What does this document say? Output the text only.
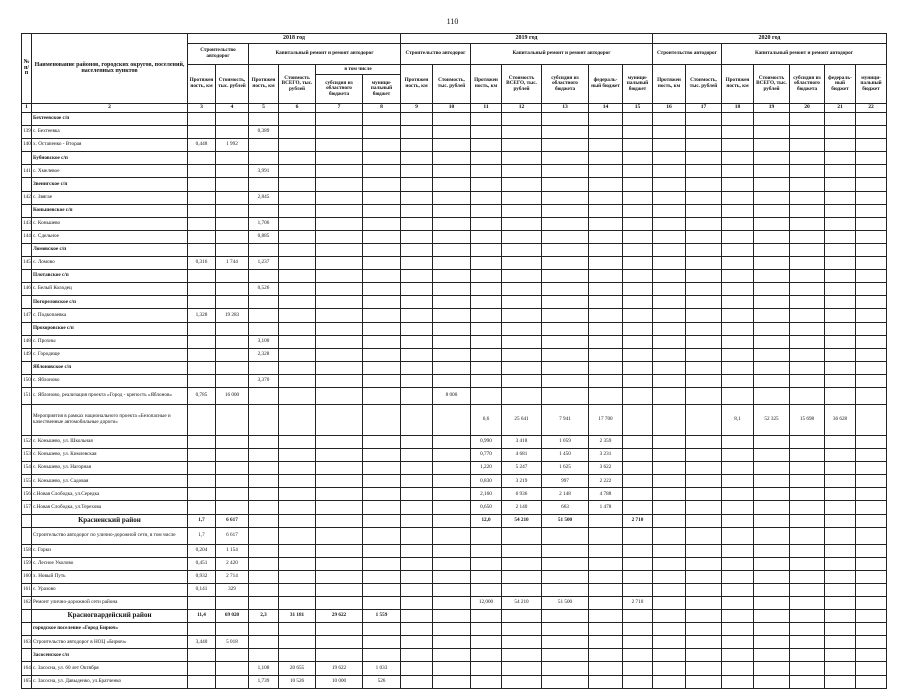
110
№ п/п	Наименование районов, городских округов, поселений, населенных пунктов	2018 год						2019 год							2020 год						
		Строительство автодорог		Капитальный ремонт и ремонт автодорог				Строительство автодорог		Капитальный ремонт и ремонт автодорог					Строительство автодорог		Капитальный ремонт и ремонт автодорог				
		Протяжен ность, км	Стоимость, тыс. рублей	Протяжен ность, км	Стоимость ВСЕГО, тыс. рублей	в том числе		Протяжен ность, км	Стоимость, тыс. рублей	Протяжен ность, км	Стоимость ВСЕГО, тыс. рублей	субсидия из областного бюджета	федераль-ный бюджет	муници-пальный бюджет	Протяжен ность, км	Стоимость, тыс. рублей	Протяжен ность, км	Стоимость ВСЕГО, тыс. рублей	субсидия из областного бюджета	федераль-ный бюджет	муници-пальный бюджет
						субсидия из областного бюджета	муници-пальный бюджет														
1	2	3	4	5	6	7	8	9	10	11	12	13	14	15	16	17	18	19	20	21	22
	Бехтеевское с/п																				
139	с. Бехтеевка			0,389																	
140	х. Остапенко - Вторая	0,448	1 992																		
	Бубновское с/п																				
141	с. Хмелевое			3,991																	
	Звенигское с/п																				
142	с. Звягае			2,845																	
	Коньшевское с/п																				
143	с. Коньшево			1,706																	
144	с. Сдельное			0,885																	
	Ломовское с/п																				
145	с. Ломово	0,316	1 744	1,237																	
	Плотавское с/п																				
146	с. Белый Колодец			0,526																	
	Погореловское с/п																				
147	с. Подкопаевка	1,328	19 283																		
	Прохоровское с/п																				
148	с. Прохны			3,100																	
149	с. Городище			2,328																	
	Яблоновское с/п																				
150	с. Яблоново			3,370																	
151	с. Яблоново, реализация проекта «Город - крепость «Яблонов»	0,785	16 000						8 000												
	Мероприятия в рамках национального проекта «Безопасные и качественные автомобильные дороги»									6,6	25 641	7 941	17 700				8,1	52 325	15 698	36 628	
152	с. Коньшево, ул. Школьная									0,990	3 418	1 059	2 359								
153	с. Коньшево, ул. Кимлевская									0,770	4 681	1 450	3 231								
154	с. Коньшево, ул. Нагорная									1,220	5 247	1 625	3 622								
155	с. Коньшево, ул. Садовая									0,830	3 219	997	2 222								
156	с.Новая Слободка, ул.Середка									2,160	6 936	2 148	4 788								
157	с.Новая Слободка, ул.Терехова									0,650	2 140	663	1 478								
	Красненский район	1,7	6 617							12,0	54 210	51 500		2 710							
	Строительство автодорог по улично-дорожной сети, в том числе	1,7	6 617																		
158	с. Горки	0,204	1 154																		
159	с. Лесное Уколово	0,451	2 420																		
160	х. Новый Путь	0,932	2 714																		
161	с. Уразово	0,141	329																		
162	Ремонт улично-дорожной сети района									12,000	54 210	51 500		2 710							
	Красногвардейский район	11,4	69 020	2,3	31 181	29 622	1 559														
	городское поселение «Город Бирюч»																				
163	Строительство автодорог в НОЦ «Бирюч»	3,440	5 018																		
	Засосенское с/п																				
164	с. Засосна, ул. 60 лет Октября			1,108	20 655	19 622	1 033														
165	с. Засосна, ул. Давыденко, ул.Братченко			1,739	10 526	10 000	526														
